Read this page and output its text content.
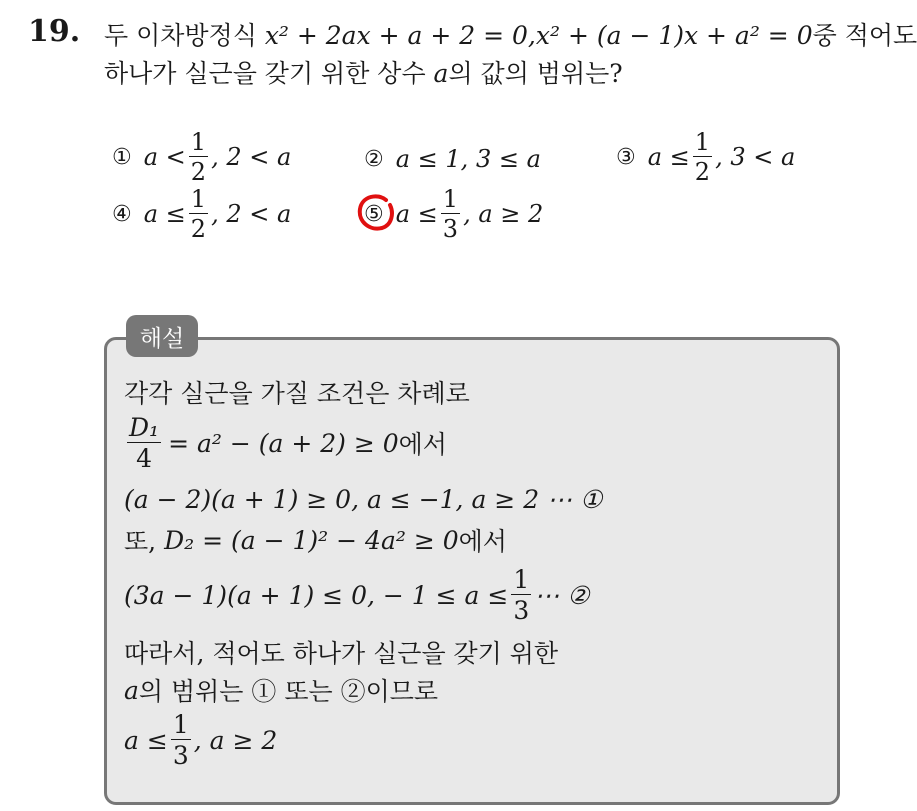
19. 두 이차방정식 x² + 2ax + a + 2 = 0,x² + (a − 1)x + a² = 0중 적어도
하나가 실근을 갖기 위한 상수 a의 값의 범위는?
① $a < \frac{1}{2}$ , 2 < a	② a ≤ 1, 3 ≤ a	③ $a \le \frac{1}{2}$ , 3 < a
④ $a \le \frac{1}{2}$ , 2 < a	⑤ $a \le \frac{1}{3}$ , a ≥ 2
해설
각각 실근을 가질 조건은 차례로
$\frac{\text{D₁}}{4} = a^2 - (a + 2) \ge 0$ 에서
(a − 2)(a + 1) ≥ 0, a ≤ −1, a ≥ 2 ⋯ ①
또, D₂ = (a − 1)² − 4a² ≥ 0 에서
(3a − 1)(a + 1) ≤ 0, − $1 \le a \le \frac{1}{3}$ ⋯ ②
따라서, 적어도 하나가 실근을 갖기 위한
a 의 범위는 ① 또는 ②이므로
$a \le \frac{1}{3}$ , a ≥ 2
